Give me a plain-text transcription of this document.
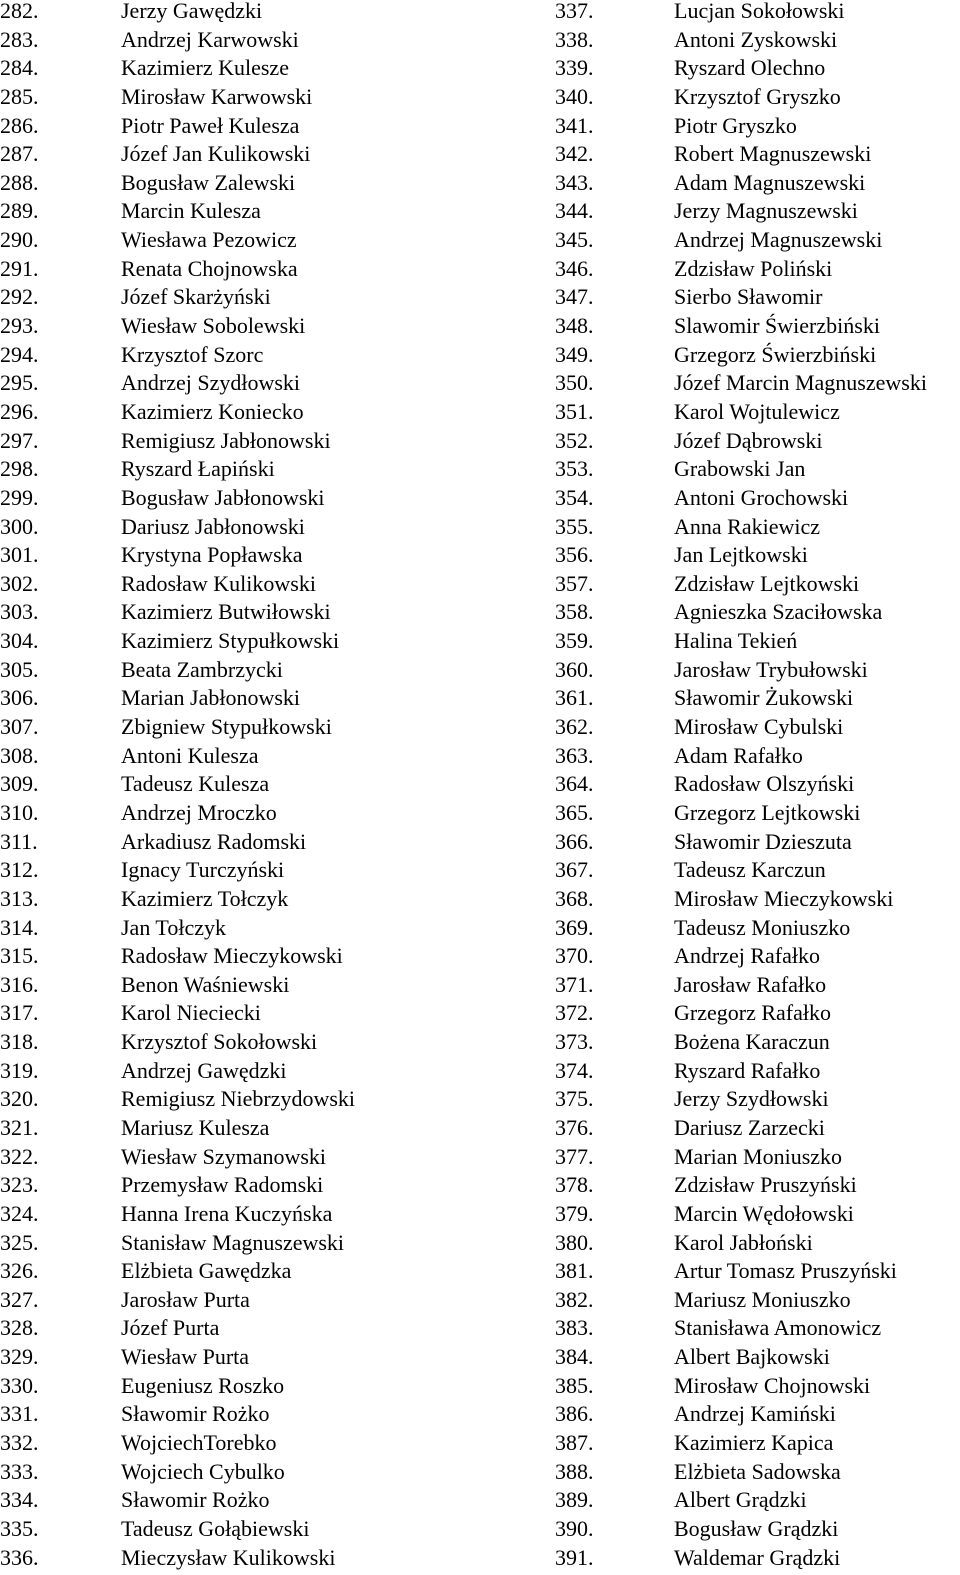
282.	Jerzy Gawędzki
283.	Andrzej Karwowski
284.	Kazimierz Kulesze
285.	Mirosław Karwowski
286.	Piotr Paweł Kulesza
287.	Józef Jan Kulikowski
288.	Bogusław Zalewski
289.	Marcin Kulesza
290.	Wiesława Pezowicz
291.	Renata Chojnowska
292.	Józef Skarżyński
293.	Wiesław Sobolewski
294.	Krzysztof Szorc
295.	Andrzej Szydłowski
296.	Kazimierz Koniecko
297.	Remigiusz Jabłonowski
298.	Ryszard Łapiński
299.	Bogusław Jabłonowski
300.	Dariusz Jabłonowski
301.	Krystyna Popławska
302.	Radosław Kulikowski
303.	Kazimierz Butwiłowski
304.	Kazimierz Stypułkowski
305.	Beata Zambrzycki
306.	Marian Jabłonowski
307.	Zbigniew Stypułkowski
308.	Antoni Kulesza
309.	Tadeusz Kulesza
310.	Andrzej Mroczko
311.	Arkadiusz Radomski
312.	Ignacy Turczyński
313.	Kazimierz Tołczyk
314.	Jan Tołczyk
315.	Radosław Mieczykowski
316.	Benon Waśniewski
317.	Karol Niecieck​i
318.	Krzysztof Sokołowski
319.	Andrzej Gawędzki
320.	Remigiusz Niebrzydowski
321.	Mariusz Kulesza
322.	Wiesław Szymanowski
323.	Przemysław Radomski
324.	Hanna Irena Kuczyńska
325.	Stanisław Magnuszewski
326.	Elżbieta Gawędzka
327.	Jarosław Purta
328.	Józef Purta
329.	Wiesław Purta
330.	Eugeniusz Roszko
331.	Sławomir Rożko
332.	WojciechTorebko
333.	Wojciech Cybulko
334.	Sławomir Rożko
335.	Tadeusz Gołąbiewski
336.	Mieczysław Kulikowski
337.	Lucjan Sokołowski
338.	Antoni Zyskowski
339.	Ryszard Olechno
340.	Krzysztof Gryszko
341.	Piotr Gryszko
342.	Robert Magnuszewski
343.	Adam Magnuszewski
344.	Jerzy Magnuszewski
345.	Andrzej Magnuszewski
346.	Zdzisław Poliński
347.	Sierbo Sławomir
348.	Slawomir Świerzbiński
349.	Grzegorz Świerzbiński
350.	Józef Marcin Magnuszewski
351.	Karol Wojtulewicz
352.	Józef Dąbrowski
353.	Grabowski Jan
354.	Antoni Grochowski
355.	Anna Rakiewicz
356.	Jan Lejtkowski
357.	Zdzisław Lejtkowski
358.	Agnieszka Szaciłowska
359.	Halina Tekień
360.	Jarosław Trybułowski
361.	Sławomir Żukowski
362.	Mirosław Cybulski
363.	Adam Rafałko
364.	Radosław Olszyński
365.	Grzegorz Lejtkowski
366.	Sławomir Dzieszuta
367.	Tadeusz Karczun
368.	Mirosław Mieczykowski
369.	Tadeusz Moniuszko
370.	Andrzej Rafałko
371.	Jarosław Rafałko
372.	Grzegorz Rafałko
373.	Bożena Karaczun
374.	Ryszard Rafałko
375.	Jerzy Szydłowski
376.	Dariusz Zarzecki
377.	Marian Moniuszko
378.	Zdzisław Pruszyński
379.	Marcin Wędołowski
380.	Karol Jabłoński
381.	Artur Tomasz Pruszyński
382.	Mariusz Moniuszko
383.	Stanisława Amonowicz
384.	Albert Bajkowski
385.	Mirosław Chojnowski
386.	Andrzej Kamiński
387.	Kazimierz Kapica
388.	Elżbieta Sadowska
389.	Albert Grądzki
390.	Bogusław Grądzki
391.	Waldemar Grądzki
